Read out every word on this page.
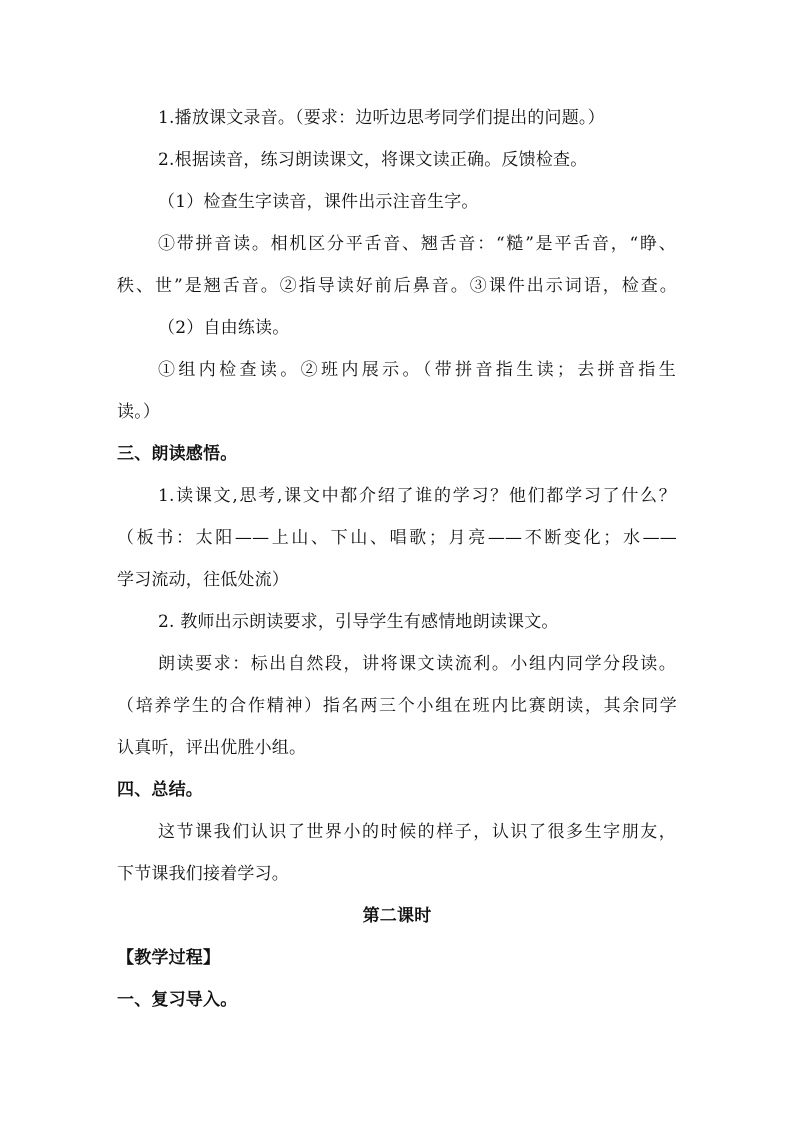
1.播放课文录音。（要求：边听边思考同学们提出的问题。）
2.根据读音，练习朗读课文，将课文读正确。反馈检查。
（1）检查生字读音，课件出示注音生字。
①带拼音读。相机区分平舌音、翘舌音：“糙”是平舌音，“睁、
秩、世”是翘舌音。②指导读好前后鼻音。③课件出示词语，检查。
（2）自由练读。
①组内检查读。②班内展示。（带拼音指生读；去拼音指生
读。）
三、朗读感悟。
1.读课文,思考,课文中都介绍了谁的学习？他们都学习了什么？
（板书：太阳——上山、下山、唱歌；月亮——不断变化；水——
学习流动，往低处流）
2. 教师出示朗读要求，引导学生有感情地朗读课文。
朗读要求：标出自然段，讲将课文读流利。小组内同学分段读。
（培养学生的合作精神）指名两三个小组在班内比赛朗读，其余同学
认真听，评出优胜小组。
四、总结。
这节课我们认识了世界小的时候的样子，认识了很多生字朋友，
下节课我们接着学习。
第二课时
【教学过程】
一、复习导入。
